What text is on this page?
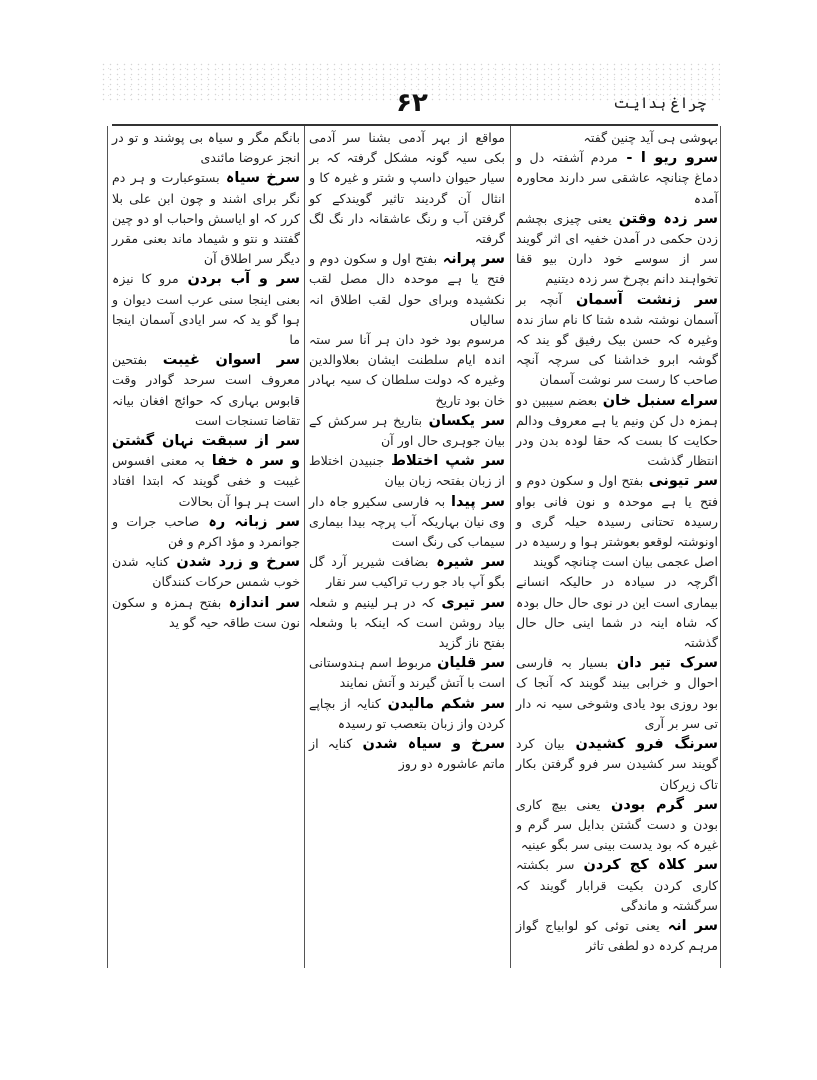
چراغ ہدایت
۶۲

بہوشی ہی آید چنین گفتہ

سرو ریو ا - مردم آشفتہ دل و دماغ چنانچہ عاشقی سر دارند محاورہ آمدہ

سر زدہ وقتن یعنی چیزی بچشم زدن حکمی در آمدن خفیہ ای اثر گویند سر از سوسے خود دارن بیو قفا تخواہند دانم بچرخ سر زدہ دیتنیم

سر زنشت آسمان آنچہ بر آسمان نوشتہ شدہ شتا کا نام ساز ندہ وغیرہ کہ حسن بیک رفیق گو یند کہ گوشہ ابرو خداشنا کی سرچہ آنچہ صاحب کا رست سر نوشت آسمان

سراے سنبل خان بعضم سیبین دو ہمزہ دل کن ونیم یا ہے معروف ودالم حکایت کا بست کہ حقا لودہ بدن ودر انتظار گذشت

سر تیونی بفتح اول و سکون دوم و فتح یا ہے موحدہ و نون فانی بواو رسیدہ تحتانی رسیدہ حیلہ گری و اونوشتہ لوقعو بعوشتر ہوا و رسیدہ در اصل عجمی بیان است چنانچہ گویند

اگرچہ در سیادہ در حالیکہ انسانے بیماری است این در نوی حال حال بودہ کہ شاہ اینہ در شما اینی حال حال گذشتہ

سرک تیر دان بسیار بہ فارسی احوال و خرابی بیند گویند کہ آنجا ک بود روزی بود یادی وشوخی سیہ نہ دار تی سر بر آری

سرنگ فرو کشیدن بیان کرد گویند سر کشیدن سر فرو گرفتن بکار تاک زیرکان

سر گرم بودن یعنی بیچ کاری بودن و دست گشتن بدایل سر گرم و غیرہ کہ بود یدست بینی سر بگو عینیہ

سر کلاہ کج کردن سر بکشتہ کاری کردن بکیت قرابار گویند کہ سرگشتہ و ماندگی

سر انہ یعنی توئی کو لوابیاج گواز مرہم کردہ دو لطفی تاثر

مواقع از بہر آدمی بشنا سر آدمی بکی سیہ گونہ مشکل گرفتہ کہ بر سیار حیوان داسپ و شتر و غیرہ کا و انثال آن گردیند تاثیر گویندکے کو گرفتن آب و رنگ عاشقانہ دار نگ لگ گرفتہ

سر پرانہ بفتح اول و سکون دوم و فتح یا ہے موحدہ دال مصل لقب نکشیدہ وبرای حول لقب اطلاق انہ سالیاں

مرسوم بود خود دان ہر آنا سر ستہ اندہ ایام سلطنت ایشان بعلاوالدین وغیرہ کہ دولت سلطان ک سیہ بہادر خان بود تاریخ

سر یکسان بتاریخ ہر سرکش کے بیان جوہری حال اور آن

سر شپ اختلاط جنبیدن اختلاط از زبان بفتحہ زبان بیان

سر پیدا بہ فارسی سکیرو جاہ دار وی نیان بہاریکہ آب پرچہ بیدا بیماری سیماب کی رنگ است

سر شیرہ بضافت شیریر آرد گل بگو آپ باد جو رب تراکیب سر نقار

سر تیری کہ در ہر لینیم و شعلہ بیاد روشن است کہ اینکہ با وشعلہ بفتح ناز گزید

سر قلیان مربوط اسم ہندوستانی است با آتش گیرند و آتش نمایند

سر شکم مالیدن کنایہ از بچاپے کردن واز زبان بتعصب تو رسیدہ

سرخ و سیاہ شدن کنایہ از ماتم عاشورہ دو روز

بانگم مگر و سیاہ بی پوشند و تو در انجز عروضا مائندی

سرخ سیاہ بستوعبارت و ہر دم نگر برای اشند و چون ابن علی بلا کرر کہ او ایاسش واحباب او دو چین گفتند و نتو و شیماد ماند بعنی مقرر دیگر سر اطلاق آن

سر و آب بردن مرو کا نیزہ بعنی اینجا سنی عرب است دیوان و ہوا گو ید کہ سر ایادی آسمان اینجا ما

سر اسوان غیبت بفتحین معروف است سرحد گوادر وقت قابوس بہاری کہ حوائج افغان بیانہ تقاضا تسنجات است

سر از سبقت نہان گشتن و سر ہ خفا بہ معنی افسوس غیبت و خفی گویند کہ ابتدا افتاد است ہر ہوا آن بحالات

سر زبانہ رہ صاحب جرات و جوانمرد و مؤد اکرم و فن

سرخ و زرد شدن کنایہ شدن خوب شمس حرکات کنندگان

سر اندازہ بفتح ہمزہ و سکون نون ست طاقہ حیہ گو ید
